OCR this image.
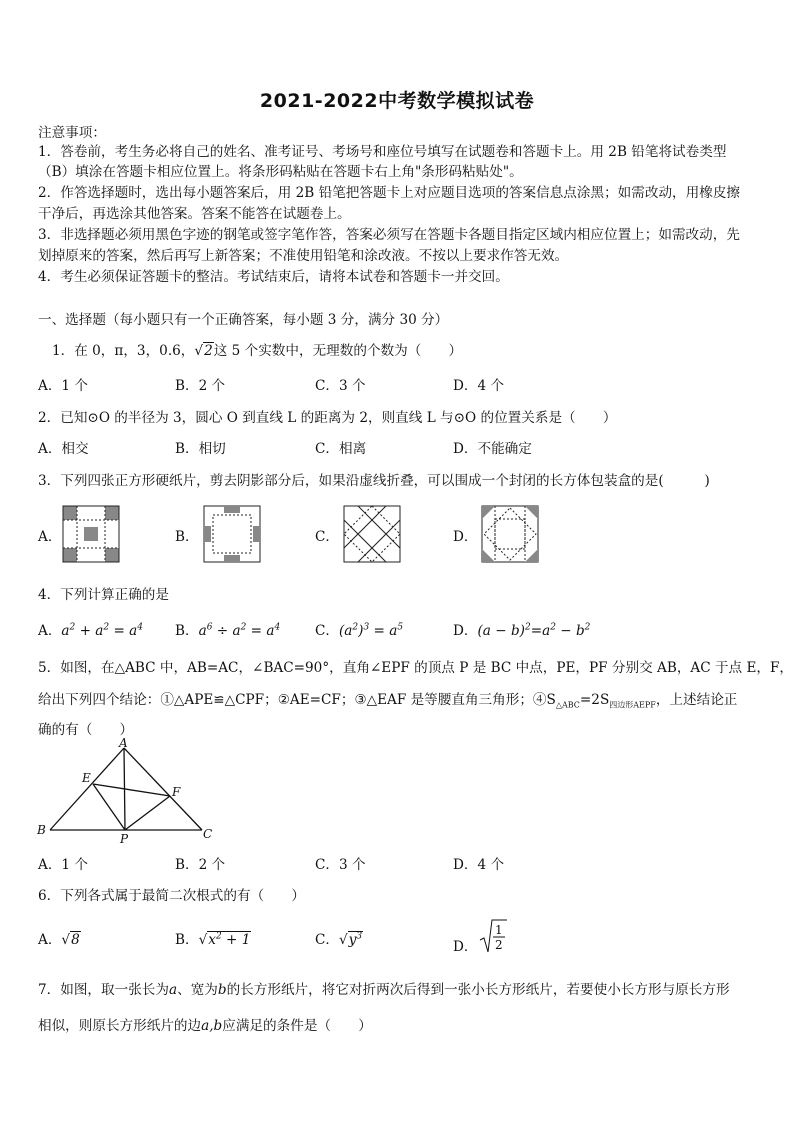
2021-2022中考数学模拟试卷
注意事项：
1．答卷前，考生务必将自己的姓名、准考证号、考场号和座位号填写在试题卷和答题卡上。用 2B 铅笔将试卷类型
（B）填涂在答题卡相应位置上。将条形码粘贴在答题卡右上角"条形码粘贴处"。
2．作答选择题时，选出每小题答案后，用 2B 铅笔把答题卡上对应题目选项的答案信息点涂黑；如需改动，用橡皮擦
干净后，再选涂其他答案。答案不能答在试题卷上。
3．非选择题必须用黑色字迹的钢笔或签字笔作答，答案必须写在答题卡各题目指定区域内相应位置上；如需改动，先
划掉原来的答案，然后再写上新答案；不准使用铅笔和涂改液。不按以上要求作答无效。
4．考生必须保证答题卡的整洁。考试结束后，请将本试卷和答题卡一并交回。
一、选择题（每小题只有一个正确答案，每小题 3 分，满分 30 分）
1．在 0，π，3，0.6，√2这 5 个实数中，无理数的个数为（　　）
A．1 个	B．2 个	C．3 个	D．4 个
2．已知⊙O 的半径为 3，圆心 O 到直线 L 的距离为 2，则直线 L 与⊙O 的位置关系是（　　）
A．相交	B．相切	C．相离	D．不能确定
3．下列四张正方形硬纸片，剪去阴影部分后，如果沿虚线折叠，可以围成一个封闭的长方体包装盒的是(　　　)
A．	B．	C．	D．
4．下列计算正确的是
A．$a^2 + a^2 = a^4$ B．$a^6 \div a^2 = a^4$	C．$(a^2)^3 = a^5$	D．$(a - b)^2=a^2 - b^2$
5．如图，在△ABC 中，AB=AC，∠BAC=90°，直角∠EPF 的顶点 P 是 BC 中点，PE，PF 分别交 AB，AC 于点 E，F，
给出下列四个结论：①△APE≌△CPF；②AE=CF；③△EAF 是等腰直角三角形；$④S_{\triangle ABC}=2S_{四边形AEPF}$，上述结论正
确的有（　　）
A
B	C
E
F
P
A．1 个	B．2 个	C．3 个	D．4 个
6．下列各式属于最简二次根式的有（　　）
A．√8	B．$√x^2 + 1$	C．$√y^3$
D．
1
2
7．如图，取一张长为a、宽为b的长方形纸片，将它对折两次后得到一张小长方形纸片，若要使小长方形与原长方形
相似，则原长方形纸片的边a,b应满足的条件是（　　）
